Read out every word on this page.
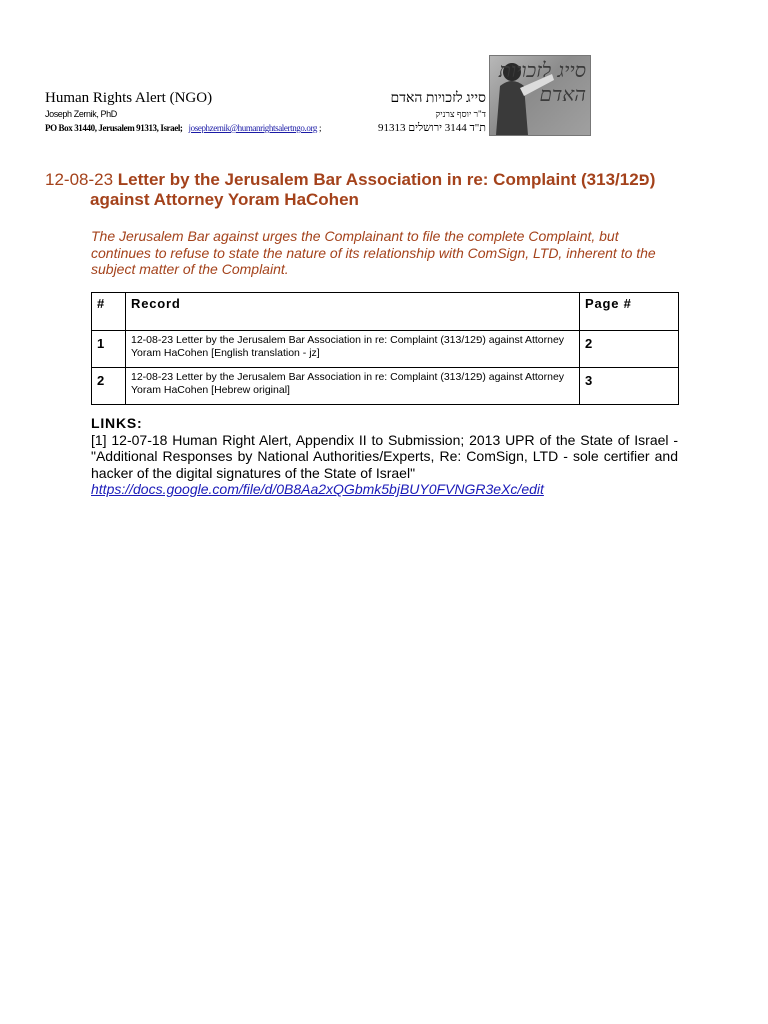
Human Rights Alert (NGO)
Joseph Zernik, PhD
PO Box 31440, Jerusalem 91313, Israel; josephzernik@humanrightsalertngo.org ;
סייג לזכויות האדם
ד"ר יוסף צרניק
ת"ד 3144 ירושלים 91313
סייג לזכויות האדם
12-08-23 Letter by the Jerusalem Bar Association in re: Complaint (313/12פ)
against Attorney Yoram HaCohen
The Jerusalem Bar against urges the Complainant to file the complete Complaint, but continues to refuse to state the nature of its relationship with ComSign, LTD, inherent to the subject matter of the Complaint.
#	Record	Page #
1	12-08-23 Letter by the Jerusalem Bar Association in re: Complaint (313/12פ) against Attorney Yoram HaCohen [English translation - jz]	2
2	12-08-23 Letter by the Jerusalem Bar Association in re: Complaint (313/12פ) against Attorney Yoram HaCohen [Hebrew original]	3
LINKS:
[1] 12-07-18 Human Right Alert, Appendix II to Submission; 2013 UPR of the State of Israel - "Additional Responses by National Authorities/Experts, Re: ComSign, LTD - sole certifier and hacker of the digital signatures of the State of Israel"
https://docs.google.com/file/d/0B8Aa2xQGbmk5bjBUY0FVNGR3eXc/edit
